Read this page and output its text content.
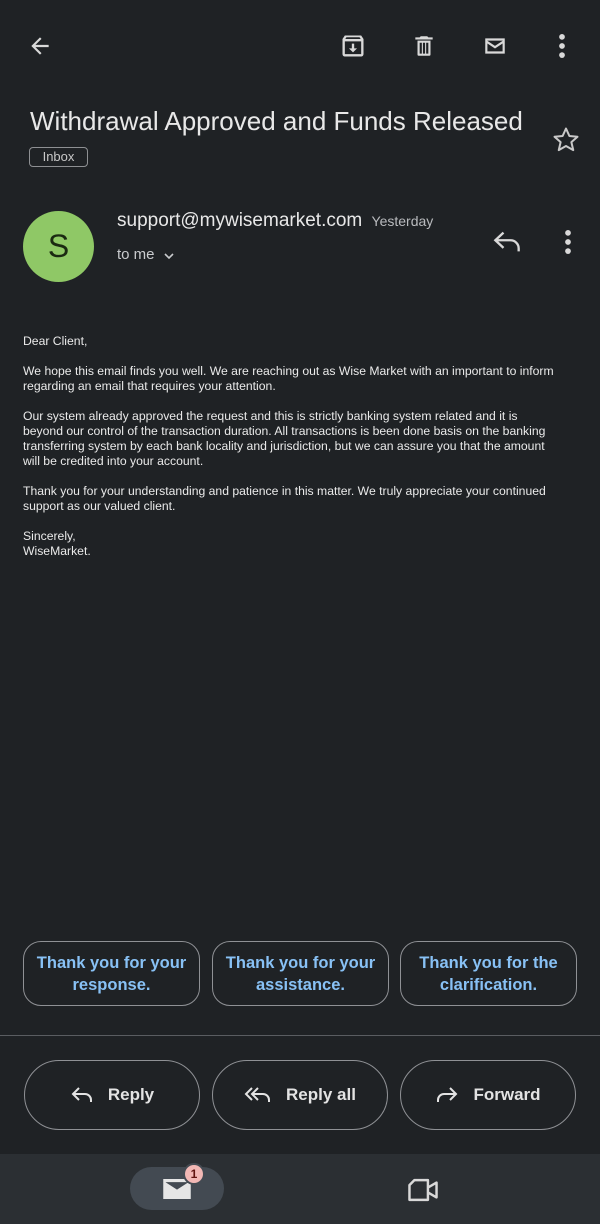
Withdrawal Approved and Funds Released
Inbox
S
support@mywisemarket.com Yesterday
to me

Dear Client,

We hope this email finds you well. We are reaching out as Wise Market with an important to inform
regarding an email that requires your attention.

Our system already approved the request and this is strictly banking system related and it is
beyond our control of the transaction duration. All transactions is been done basis on the banking
transferring system by each bank locality and jurisdiction, but we can assure you that the amount
will be credited into your account.

Thank you for your understanding and patience in this matter. We truly appreciate your continued
support as our valued client.

Sincerely,
WiseMarket.

Thank you for your response.
Thank you for your assistance.
Thank you for the clarification.
Reply	Reply all	Forward
1
